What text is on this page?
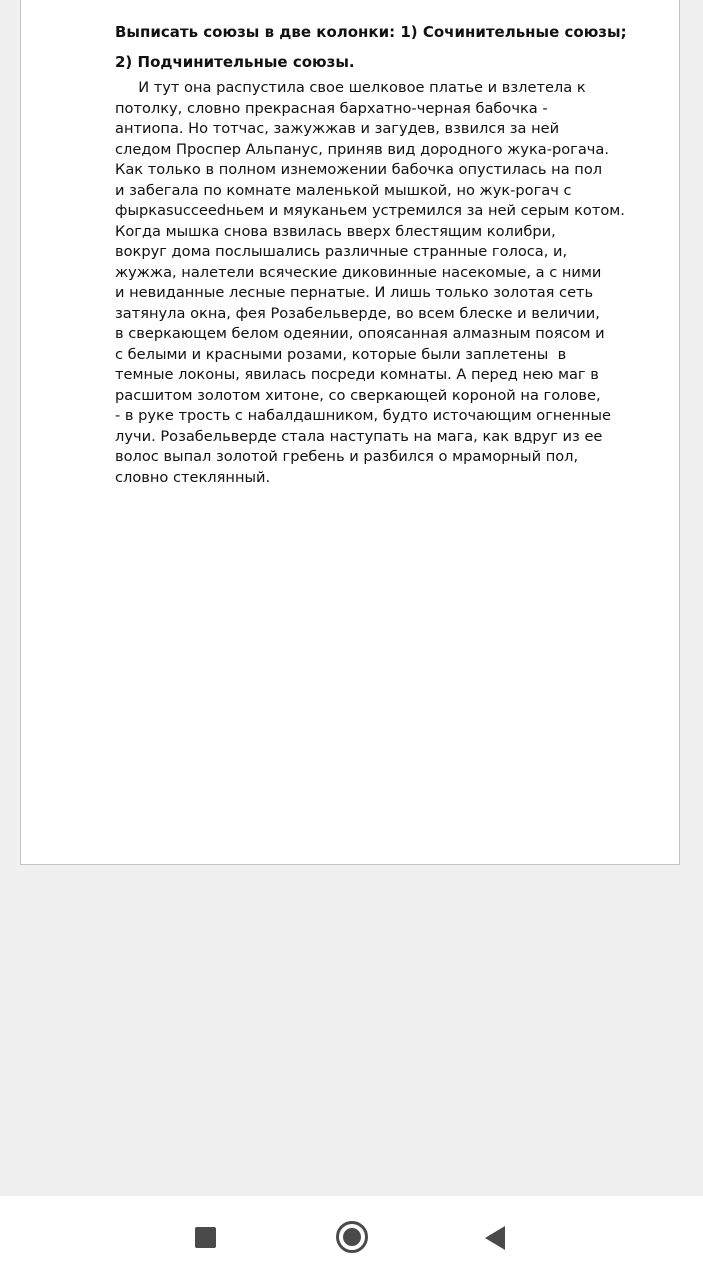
Выписать союзы в две колонки: 1) Сочинительные союзы;

2) Подчинительные союзы.

И тут она распустила свое шелковое платье и взлетела к
потолку, словно прекрасная бархатно-черная бабочка -
антиопа. Но тотчас, зажужжав и загудев, взвился за ней
следом Проспер Альпанус, приняв вид дородного жука-рогача.
Как только в полном изнеможении бабочка опустилась на пол
и забегала по комнате маленькой мышкой, но жук-рогач с
фыркаsucceedньем и мяуканьем устремился за ней серым котом.
Когда мышка снова взвилась вверх блестящим колибри,
вокруг дома послышались различные странные голоса, и,
жужжа, налетели всяческие диковинные насекомые, а с ними
и невиданные лесные пернатые. И лишь только золотая сеть
затянула окна, фея Розабельверде, во всем блеске и величии,
в сверкающем белом одеянии, опоясанная алмазным поясом и
с белыми и красными розами, которые были заплетены  в
темные локоны, явилась посреди комнаты. А перед нею маг в
расшитом золотом хитоне, со сверкающей короной на голове,
- в руке трость с набалдашником, будто источающим огненные
лучи. Розабельверде стала наступать на мага, как вдруг из ее
волос выпал золотой гребень и разбился о мраморный пол,
словно стеклянный.
